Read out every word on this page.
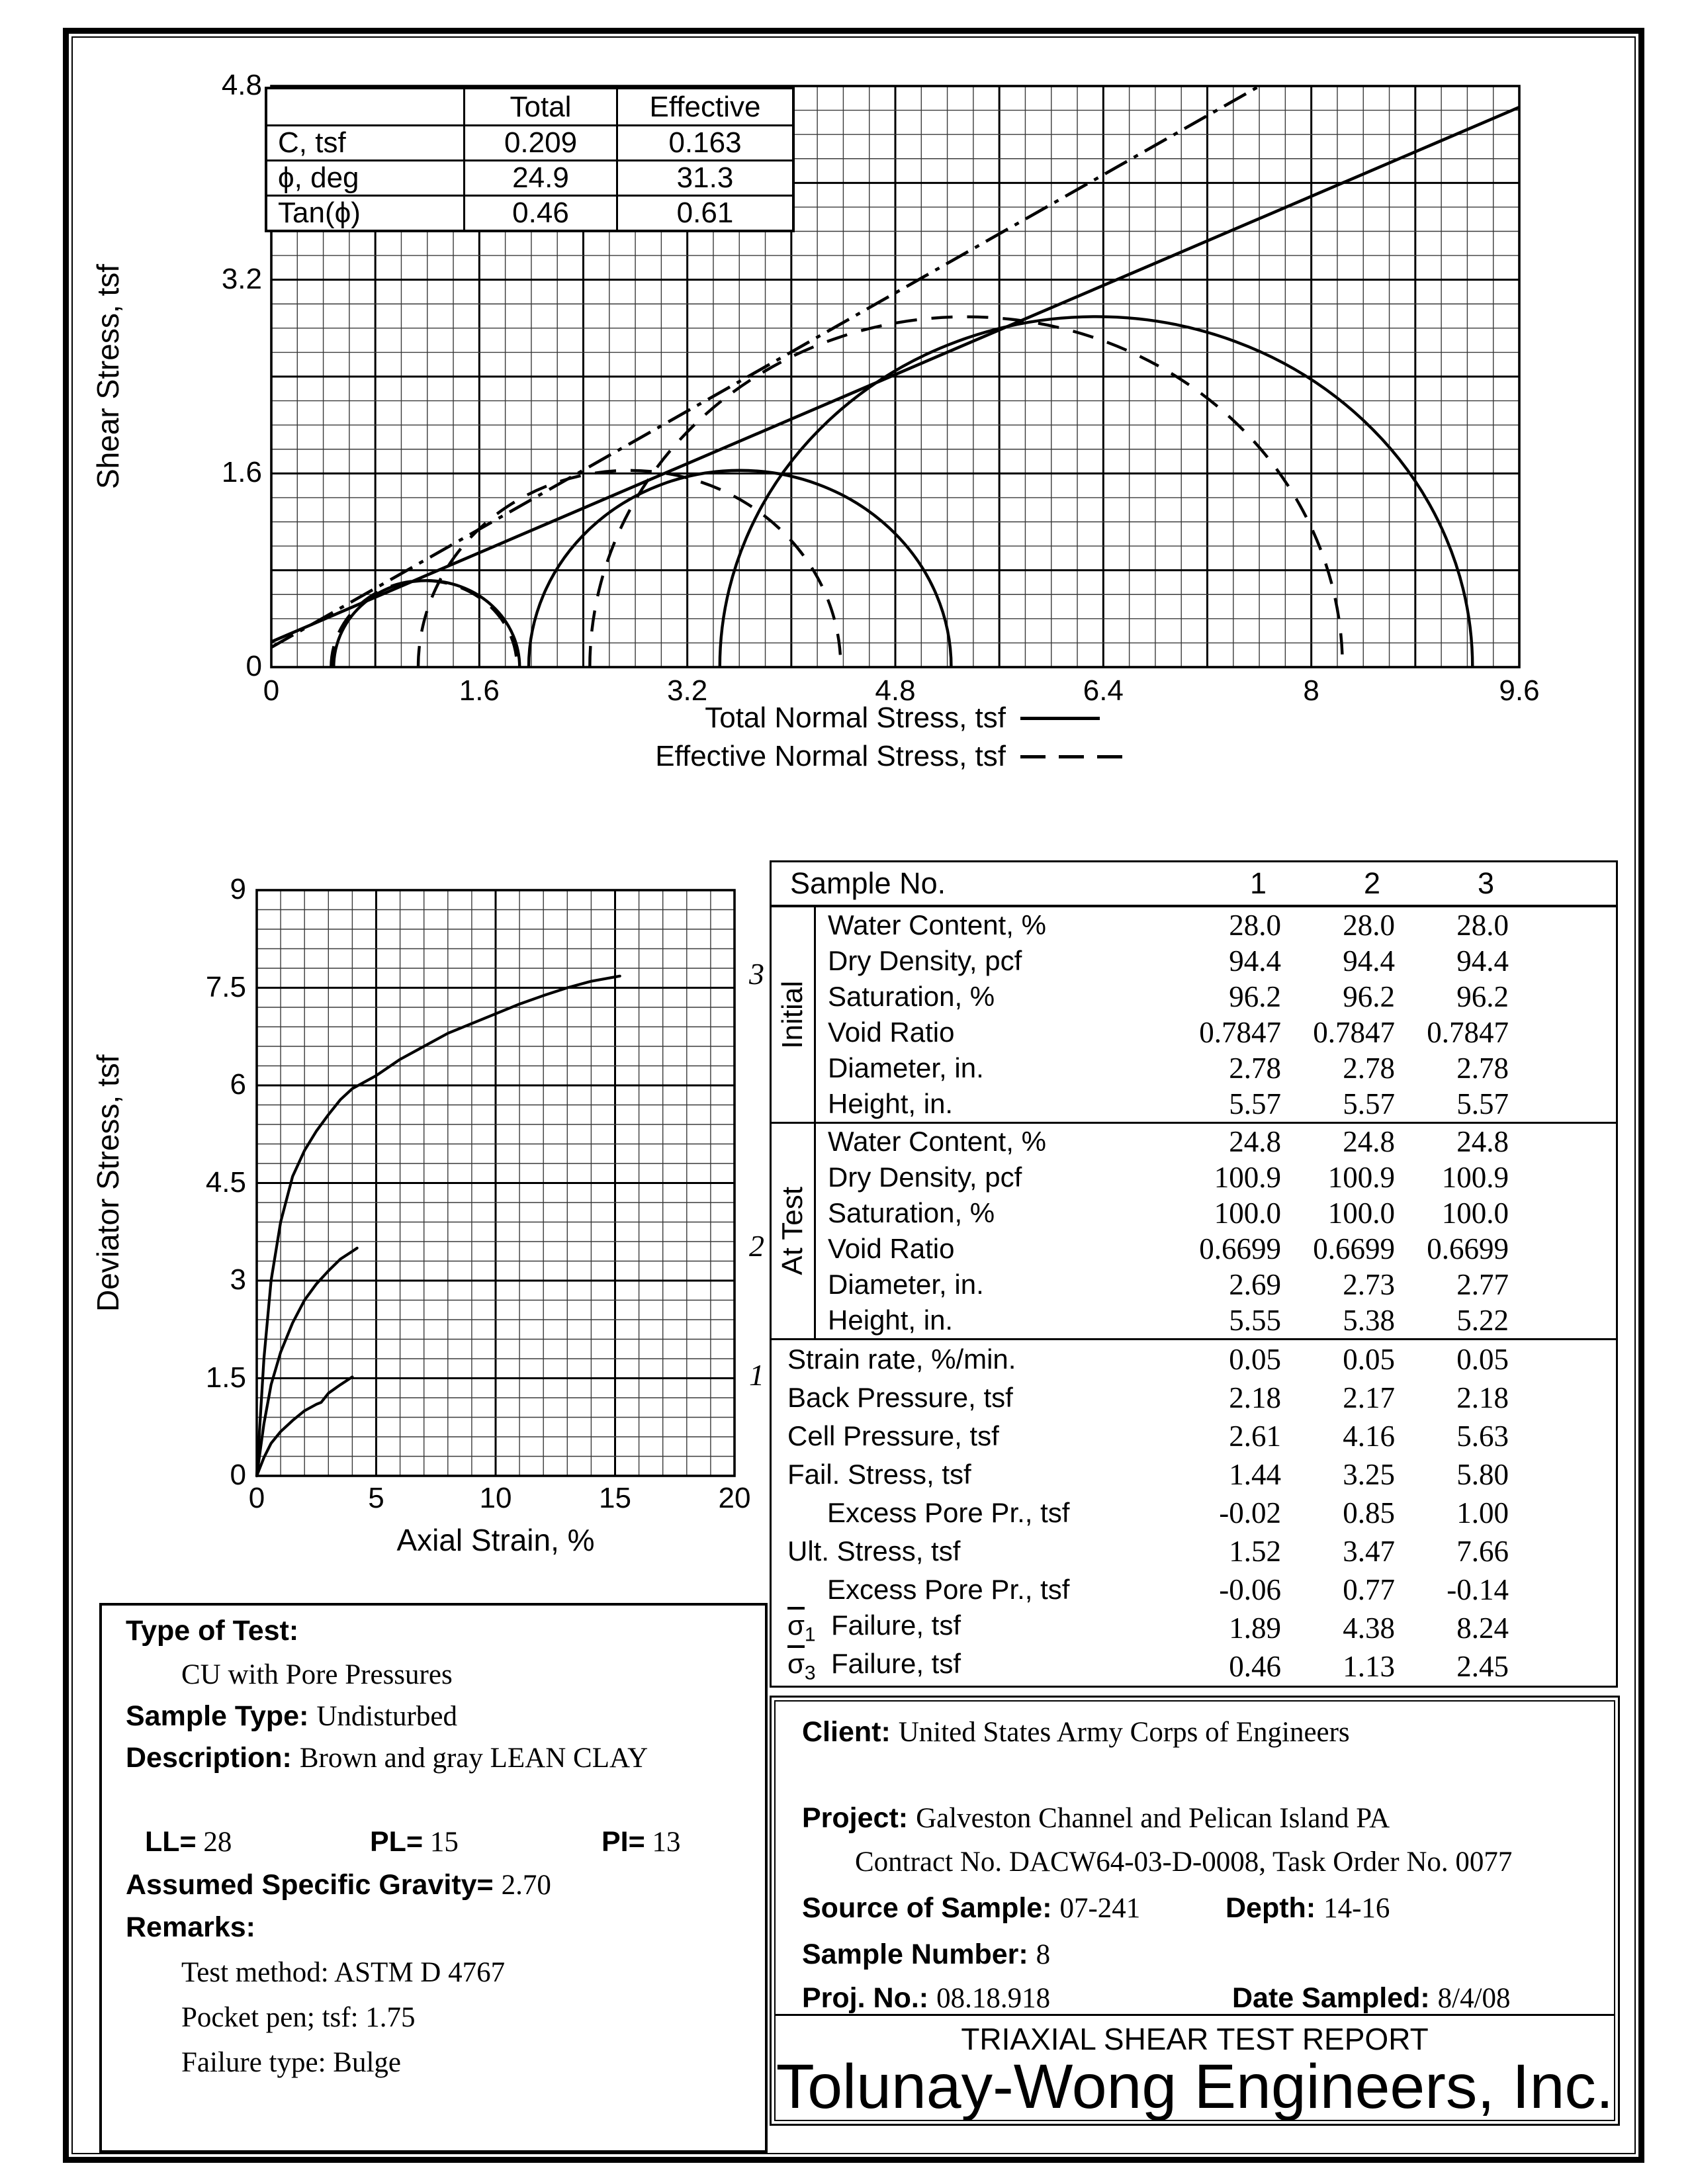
Shear Stress, tsf
Total	Effective
C, tsf	0.209	0.163
ϕ, deg	24.9	31.3
Tan(ϕ)	0.46	0.61
Total Normal Stress, tsf
Effective Normal Stress, tsf
Deviator Stress, tsf
Axial Strain, %
Sample No.	1	2	3
Initial
Water Content, %	28.0	28.0	28.0
Dry Density, pcf	94.4	94.4	94.4
Saturation, %	96.2	96.2	96.2
Void Ratio	0.7847	0.7847	0.7847
Diameter, in.	2.78	2.78	2.78
Height, in.	5.57	5.57	5.57
At Test
Water Content, %	24.8	24.8	24.8
Dry Density, pcf	100.9	100.9	100.9
Saturation, %	100.0	100.0	100.0
Void Ratio	0.6699	0.6699	0.6699
Diameter, in.	2.69	2.73	2.77
Height, in.	5.55	5.38	5.22
Strain rate, %/min.	0.05	0.05	0.05
Back Pressure, tsf	2.18	2.17	2.18
Cell Pressure, tsf	2.61	4.16	5.63
Fail. Stress, tsf	1.44	3.25	5.80
Excess Pore Pr., tsf	-0.02	0.85	1.00
Ult. Stress, tsf	1.52	3.47	7.66
Excess Pore Pr., tsf	-0.06	0.77	-0.14
$\overline{\sigma}_1$  Failure, tsf	1.89	4.38	8.24
$\overline{\sigma}_3$  Failure, tsf	0.46	1.13	2.45
Type of Test:
CU with Pore Pressures
Sample Type: Undisturbed
Description: Brown and gray LEAN CLAY
LL= 28	PL= 15	PI= 13
Assumed Specific Gravity= 2.70
Remarks:
Test method: ASTM D 4767
Pocket pen; tsf: 1.75
Failure type: Bulge
Client: United States Army Corps of Engineers
Project: Galveston Channel and Pelican Island PA
Contract No. DACW64-03-D-0008, Task Order No. 0077
Source of Sample: 07-241	Depth: 14-16
Sample Number: 8
Proj. No.: 08.18.918	Date Sampled: 8/4/08
TRIAXIAL SHEAR TEST REPORT
Tolunay-Wong Engineers, Inc.
0	1.6	3.2	4.8	6.4	8	9.6
0
1.6
3.2
4.8
1
2
3
0	5	10	15	20
0
1.5
3
4.5
6
7.5
9
